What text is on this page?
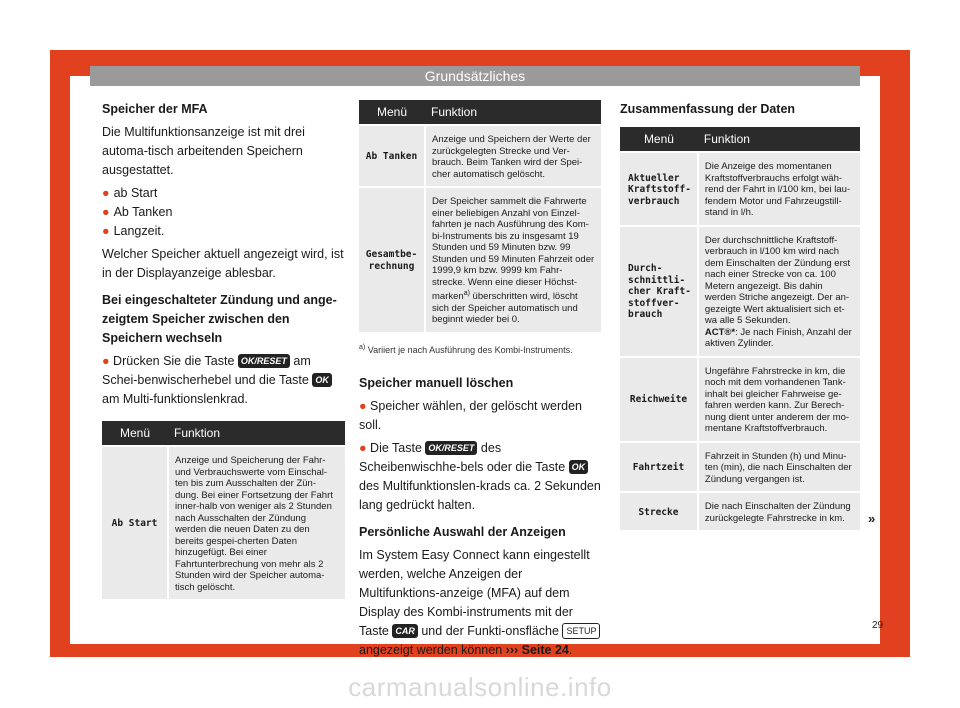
Grundsätzliches
Speicher der MFA

Die Multifunktionsanzeige ist mit drei automa-tisch arbeitenden Speichern ausgestattet.

● ab Start
● Ab Tanken
● Langzeit.

Welcher Speicher aktuell angezeigt wird, ist in der Displayanzeige ablesbar.

Bei eingeschalteter Zündung und ange-zeigtem Speicher zwischen den Speichern wechseln

● Drücken Sie die Taste OK/RESET am Schei-benwischerhebel und die Taste OK am Multi-funktionslenkrad.

Menü	Funktion
Ab Start	Anzeige und Speicherung der Fahr-und Verbrauchswerte vom Einschal-ten bis zum Ausschalten der Zün-dung. Bei einer Fortsetzung der Fahrt inner-halb von weniger als 2 Stunden nach Ausschalten der Zündung werden die neuen Daten zu den bereits gespei-cherten Daten hinzugefügt. Bei einer Fahrtunterbrechung von mehr als 2 Stunden wird der Speicher automa-tisch gelöscht.
Menü	Funktion
Ab Tanken	Anzeige und Speichern der Werte der zurückgelegten Strecke und Ver-brauch. Beim Tanken wird der Spei-cher automatisch gelöscht.
Gesamtbe-rechnung	Der Speicher sammelt die Fahrwerte einer beliebigen Anzahl von Einzel-fahrten je nach Ausführung des Kom-bi-Instruments bis zu insgesamt 19 Stunden und 59 Minuten bzw. 99 Stunden und 59 Minuten Fahrzeit oder 1999,9 km bzw. 9999 km Fahr-strecke. Wenn eine dieser Höchst-marken$^{a)}$ überschritten wird, löscht sich der Speicher automatisch und beginnt wieder bei 0.

$^{a)}$ Variiert je nach Ausführung des Kombi-Instruments.

Speicher manuell löschen

● Speicher wählen, der gelöscht werden soll.

● Die Taste OK/RESET des Scheibenwischhe-bels oder die Taste OK des Multifunktionslen-krads ca. 2 Sekunden lang gedrückt halten.

Persönliche Auswahl der Anzeigen

Im System Easy Connect kann eingestellt werden, welche Anzeigen der Multifunktions-anzeige (MFA) auf dem Display des Kombi-instruments mit der Taste CAR und der Funkti-onsfläche SETUP angezeigt werden können ››› Seite 24.

Zusammenfassung der Daten
Menü	Funktion
Aktueller Kraftstoff-verbrauch	Die Anzeige des momentanen Kraftstoffverbrauchs erfolgt wäh-rend der Fahrt in l/100 km, bei lau-fendem Motor und Fahrzeugstill-stand in l/h.
Durch-schnittli-cher Kraft-stoffver-brauch	Der durchschnittliche Kraftstoff-verbrauch in l/100 km wird nach dem Einschalten der Zündung erst nach einer Strecke von ca. 100 Metern angezeigt. Bis dahin werden Striche angezeigt. Der an-gezeigte Wert aktualisiert sich et-wa alle 5 Sekunden.
ACT®*: Je nach Finish, Anzahl der aktiven Zylinder.
Reichweite	Ungefähre Fahrstrecke in km, die noch mit dem vorhandenen Tank-inhalt bei gleicher Fahrweise ge-fahren werden kann. Zur Berech-nung dient unter anderem der mo-mentane Kraftstoffverbrauch.
Fahrtzeit	Fahrzeit in Stunden (h) und Minu-ten (min), die nach Einschalten der Zündung vergangen ist.
Strecke	Die nach Einschalten der Zündung zurückgelegte Fahrstrecke in km. »
29
carmanualsonline.info
